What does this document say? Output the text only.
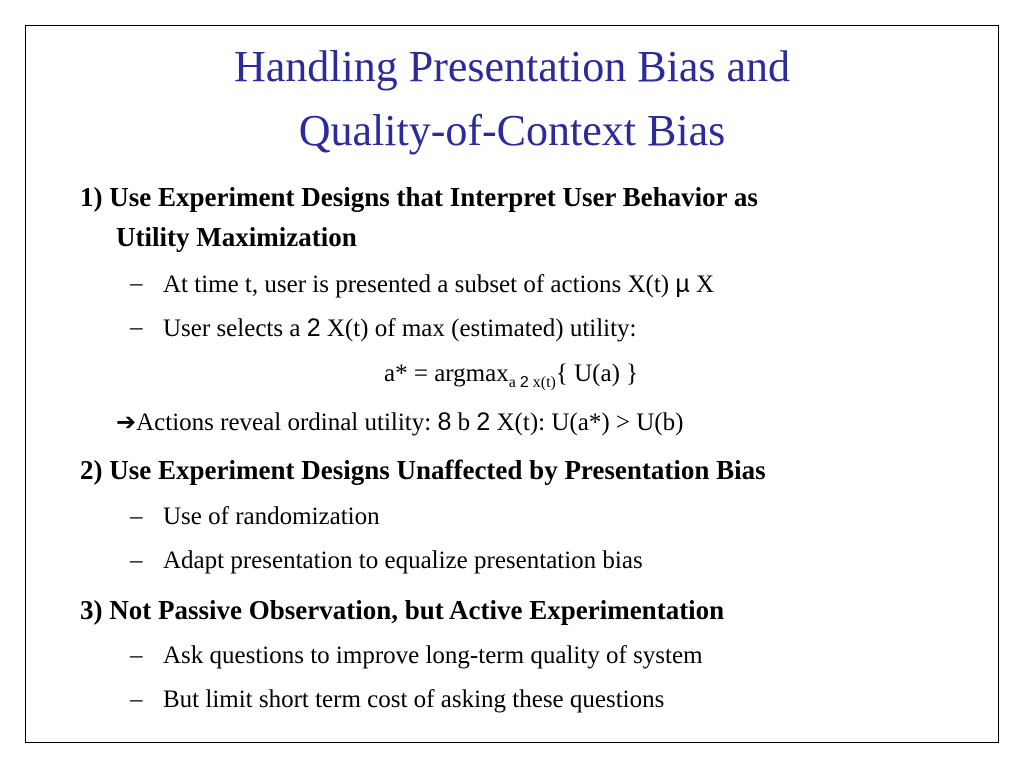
Handling Presentation Bias and
Quality-of-Context Bias
1) Use Experiment Designs that Interpret User Behavior as
Utility Maximization
– At time t, user is presented a subset of actions X(t) µ X
– User selects a 2 X(t) of max (estimated) utility:
a* = argmax$_{a 2 x(t)}${ U(a) }
➔Actions reveal ordinal utility: 8 b 2 X(t): U(a*) > U(b)
2) Use Experiment Designs Unaffected by Presentation Bias
– Use of randomization
– Adapt presentation to equalize presentation bias
3) Not Passive Observation, but Active Experimentation
– Ask questions to improve long-term quality of system
– But limit short term cost of asking these questions
